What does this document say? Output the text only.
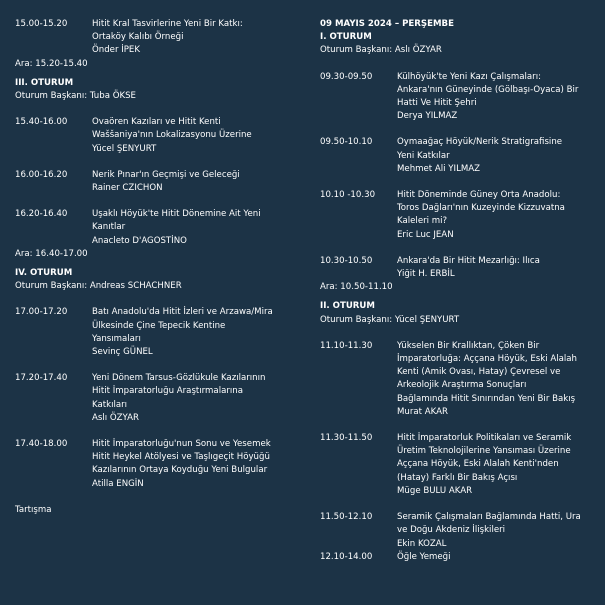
15.00-15.20	Hitit Kral Tasvirlerine Yeni Bir Katkı:
Ortaköy Kalıbı Örneği
Önder İPEK
Ara: 15.20-15.40
III. OTURUM
Oturum Başkanı: Tuba ÖKSE
15.40-16.00	Ovaören Kazıları ve Hitit Kenti
Waššaniya'nın Lokalizasyonu Üzerine
Yücel ŞENYURT
16.00-16.20	Nerik Pınar'ın Geçmişi ve Geleceği
Rainer CZICHON
16.20-16.40	Uşaklı Höyük'te Hitit Dönemine Ait Yeni
Kanıtlar
Anacleto D'AGOSTİNO
Ara: 16.40-17.00
IV. OTURUM
Oturum Başkanı: Andreas SCHACHNER
17.00-17.20	Batı Anadolu'da Hitit İzleri ve Arzawa/Mira
Ülkesinde Çine Tepecik Kentine
Yansımaları
Sevinç GÜNEL
17.20-17.40	Yeni Dönem Tarsus-Gözlükule Kazılarının
Hitit İmparatorluğu Araştırmalarına
Katkıları
Aslı ÖZYAR
17.40-18.00	Hitit İmparatorluğu'nun Sonu ve Yesemek
Hitit Heykel Atölyesi ve Taşlıgeçit Höyüğü
Kazılarının Ortaya Koyduğu Yeni Bulgular
Atilla ENGİN
Tartışma
09 MAYIS 2024 – PERŞEMBE
I. OTURUM
Oturum Başkanı: Aslı ÖZYAR
09.30-09.50	Külhöyük'te Yeni Kazı Çalışmaları:
Ankara'nın Güneyinde (Gölbaşı-Oyaca) Bir
Hatti Ve Hitit Şehri
Derya YILMAZ
09.50-10.10	Oymaağaç Höyük/Nerik Stratigrafisine
Yeni Katkılar
Mehmet Ali YILMAZ
10.10 -10.30	Hitit Döneminde Güney Orta Anadolu:
Toros Dağları'nın Kuzeyinde Kizzuvatna
Kaleleri mi?
Eric Luc JEAN
10.30-10.50	Ankara'da Bir Hitit Mezarlığı: Ilıca
Yiğit H. ERBİL
Ara: 10.50-11.10
II. OTURUM
Oturum Başkanı: Yücel ŞENYURT
11.10-11.30	Yükselen Bir Krallıktan, Çöken Bir
İmparatorluğa: Aççana Höyük, Eski Alalah
Kenti (Amik Ovası, Hatay) Çevresel ve
Arkeolojik Araştırma Sonuçları
Bağlamında Hitit Sınırından Yeni Bir Bakış
Murat AKAR
11.30-11.50	Hitit İmparatorluk Politikaları ve Seramik
Üretim Teknolojilerine Yansıması Üzerine
Aççana Höyük, Eski Alalah Kenti'nden
(Hatay) Farklı Bir Bakış Açısı
Müge BULU AKAR
11.50-12.10	Seramik Çalışmaları Bağlamında Hatti, Ura
ve Doğu Akdeniz İlişkileri
Ekin KOZAL
12.10-14.00	Öğle Yemeği
